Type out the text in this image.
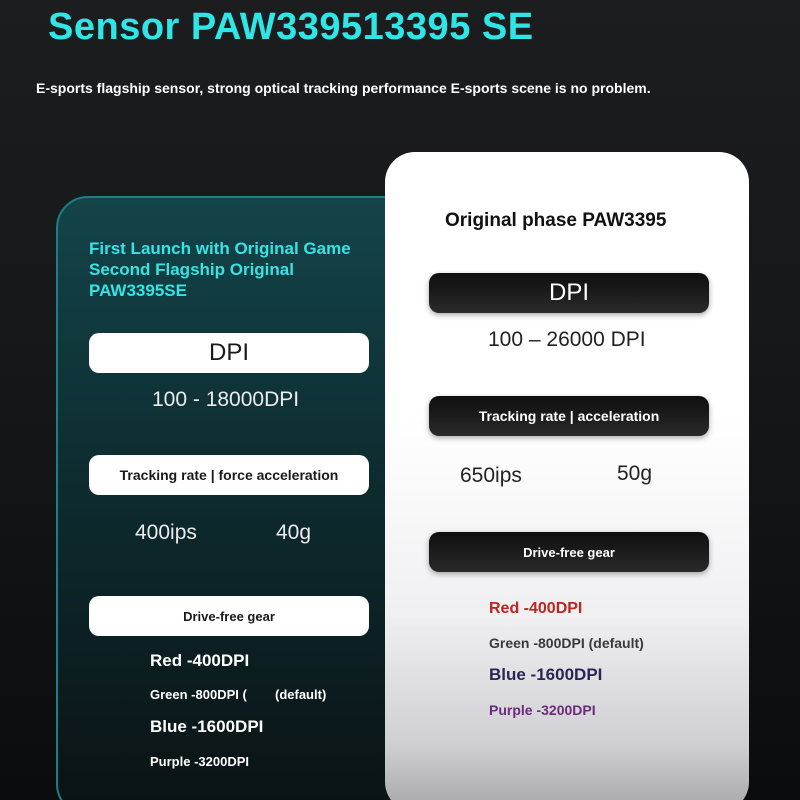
Sensor PAW339513395 SE
E-sports flagship sensor, strong optical tracking performance E-sports scene is no problem.
First Launch with Original Game Second Flagship Original PAW3395SE
DPI
100 - 18000DPI
Tracking rate | force acceleration
400ips	40g
Drive-free gear
Red -400DPI
Green -800DPI ( (default)
Blue -1600DPI
Purple -3200DPI
Original phase PAW3395
DPI
100 – 26000 DPI
Tracking rate | acceleration
650ips	50g
Drive-free gear
Red -400DPI
Green -800DPI (default)
Blue -1600DPI
Purple -3200DPI
